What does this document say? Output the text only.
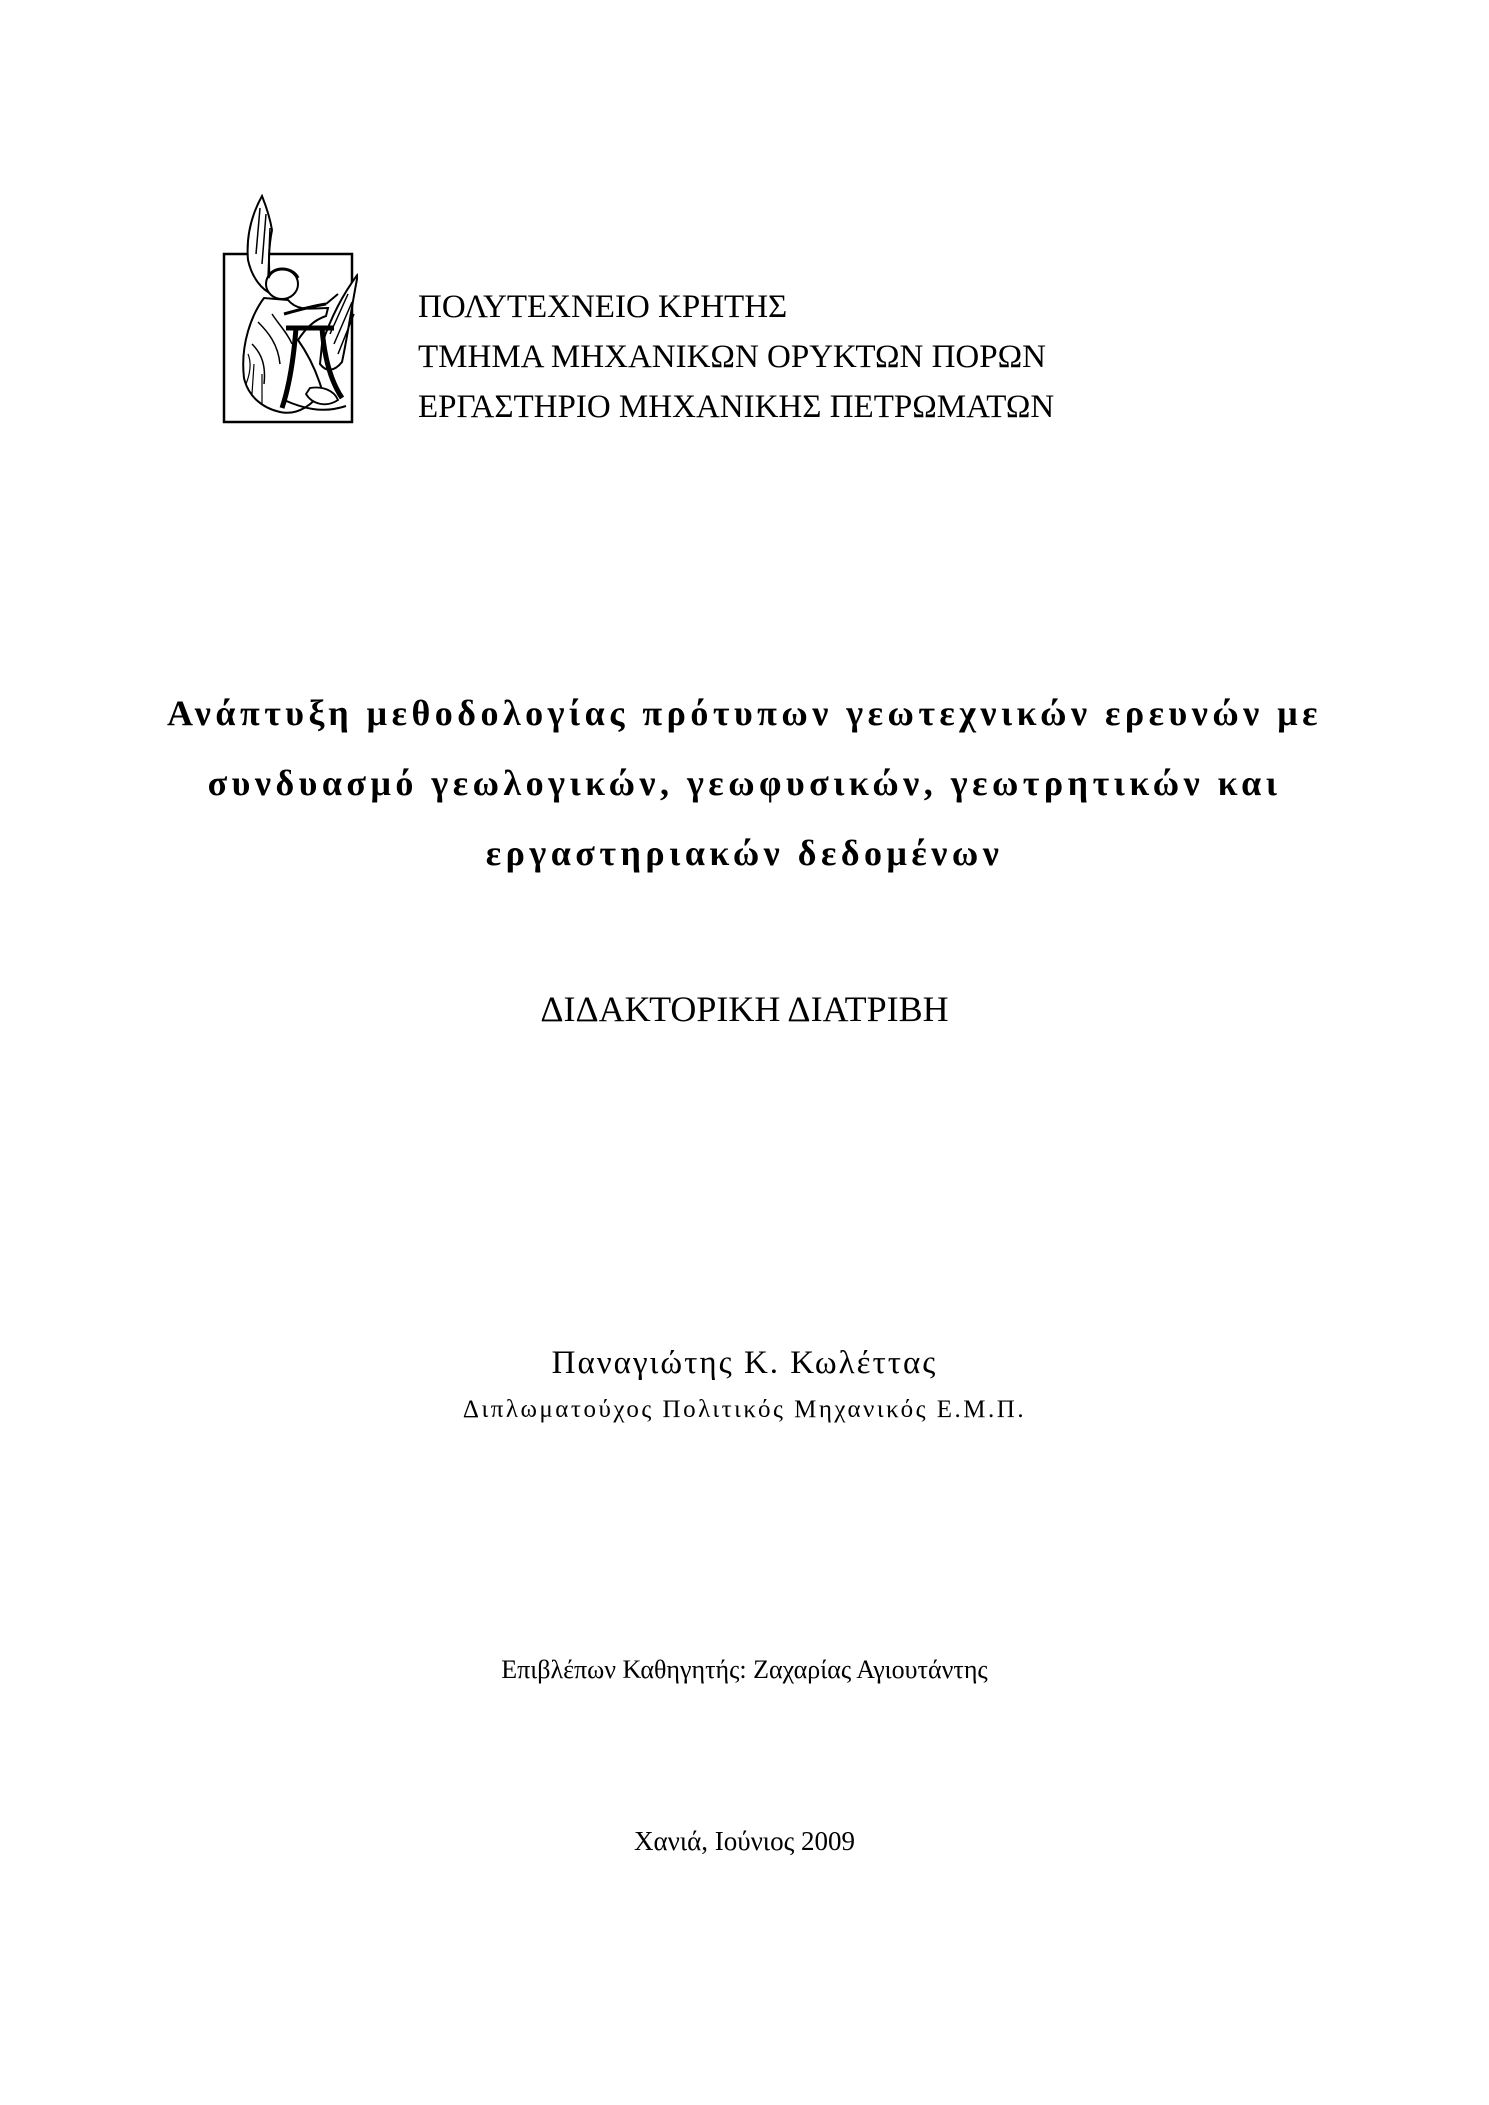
ΠΟΛΥΤΕΧΝΕΙΟ ΚΡΗΤΗΣ
ΤΜΗΜΑ ΜΗΧΑΝΙΚΩΝ ΟΡΥΚΤΩΝ ΠΟΡΩΝ
ΕΡΓΑΣΤΗΡΙΟ ΜΗΧΑΝΙΚΗΣ ΠΕΤΡΩΜΑΤΩΝ
Ανάπτυξη μεθοδολογίας πρότυπων γεωτεχνικών ερευνών με
συνδυασμό γεωλογικών, γεωφυσικών, γεωτρητικών και
εργαστηριακών δεδομένων
ΔΙΔΑΚΤΟΡΙΚΗ ΔΙΑΤΡΙΒΗ
Παναγιώτης Κ. Κωλέττας
Διπλωματούχος Πολιτικός Μηχανικός Ε.Μ.Π.
Επιβλέπων Καθηγητής: Ζαχαρίας Αγιουτάντης
Χανιά, Ιούνιος 2009
